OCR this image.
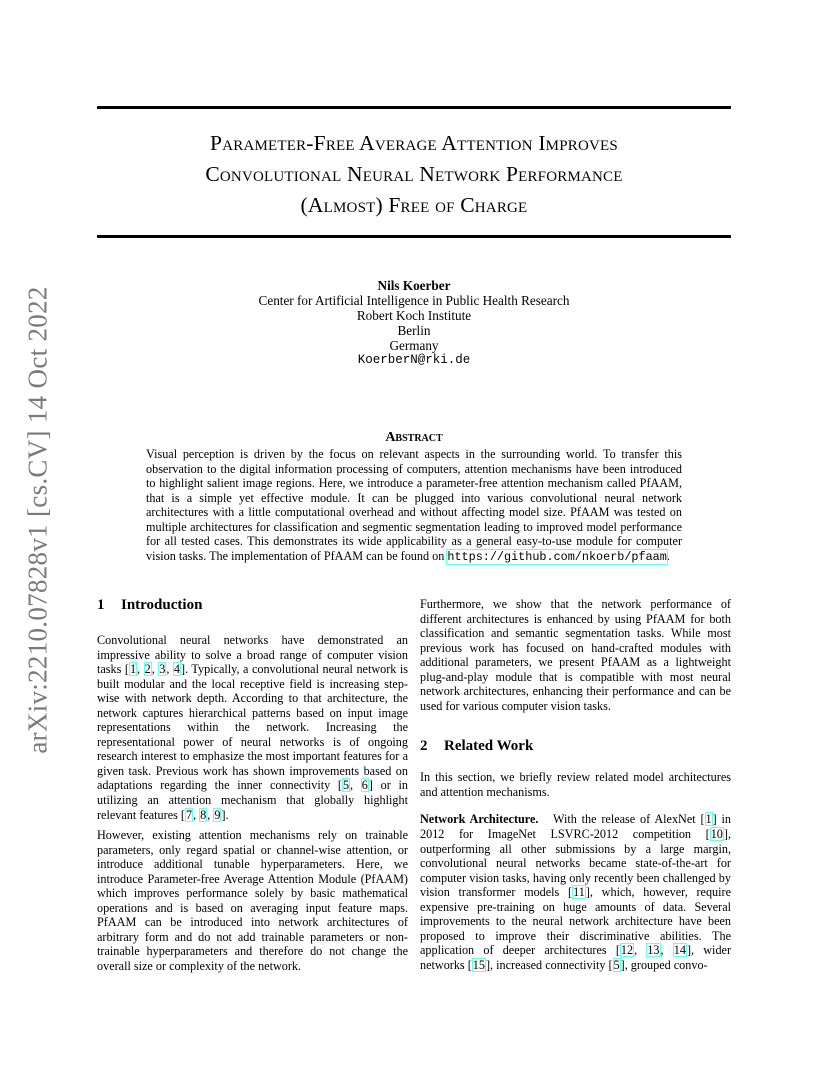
arXiv:2210.07828v1 [cs.CV] 14 Oct 2022
Parameter-Free Average Attention Improves
Convolutional Neural Network Performance
(Almost) Free of Charge
Nils Koerber
Center for Artificial Intelligence in Public Health Research
Robert Koch Institute
Berlin
Germany
KoerberN@rki.de
Abstract
Visual perception is driven by the focus on relevant aspects in the surrounding world. To transfer this observation to the digital information processing of computers, attention mechanisms have been introduced to highlight salient image regions. Here, we introduce a parameter-free attention mechanism called PfAAM, that is a simple yet effective module. It can be plugged into various convolutional neural network architectures with a little computational overhead and without affecting model size. PfAAM was tested on multiple architectures for classification and segmentic segmentation leading to improved model performance for all tested cases. This demonstrates its wide applicability as a general easy-to-use module for computer vision tasks. The implementation of PfAAM can be found on https://github.com/nkoerb/pfaam.
1 Introduction

Convolutional neural networks have demonstrated an impressive ability to solve a broad range of computer vision tasks [1, 2, 3, 4]. Typically, a convolutional neural network is built modular and the local receptive field is increasing step-wise with network depth. According to that architecture, the network captures hierarchical patterns based on input image representations within the network. Increasing the representational power of neural networks is of ongoing research interest to emphasize the most important features for a given task. Previous work has shown improvements based on adaptations regarding the inner connectivity [5, 6] or in utilizing an attention mechanism that globally highlight relevant features [7, 8, 9].

However, existing attention mechanisms rely on trainable parameters, only regard spatial or channel-wise attention, or introduce additional tunable hyperparameters. Here, we introduce Parameter-free Average Attention Module (PfAAM) which improves performance solely by basic mathematical operations and is based on averaging input feature maps. PfAAM can be introduced into network architectures of arbitrary form and do not add trainable parameters or non-trainable hyperparameters and therefore do not change the overall size or complexity of the network.

Furthermore, we show that the network performance of different architectures is enhanced by using PfAAM for both classification and semantic segmentation tasks. While most previous work has focused on hand-crafted modules with additional parameters, we present PfAAM as a lightweight plug-and-play module that is compatible with most neural network architectures, enhancing their performance and can be used for various computer vision tasks.

2 Related Work

In this section, we briefly review related model architectures and attention mechanisms.

Network Architecture. With the release of AlexNet [1] in 2012 for ImageNet LSVRC-2012 competition [10], outperforming all other submissions by a large margin, convolutional neural networks became state-of-the-art for computer vision tasks, having only recently been challenged by vision transformer models [11], which, however, require expensive pre-training on huge amounts of data. Several improvements to the neural network architecture have been proposed to improve their discriminative abilities. The application of deeper architectures [12, 13, 14], wider networks [15], increased connectivity [5], grouped convo-
